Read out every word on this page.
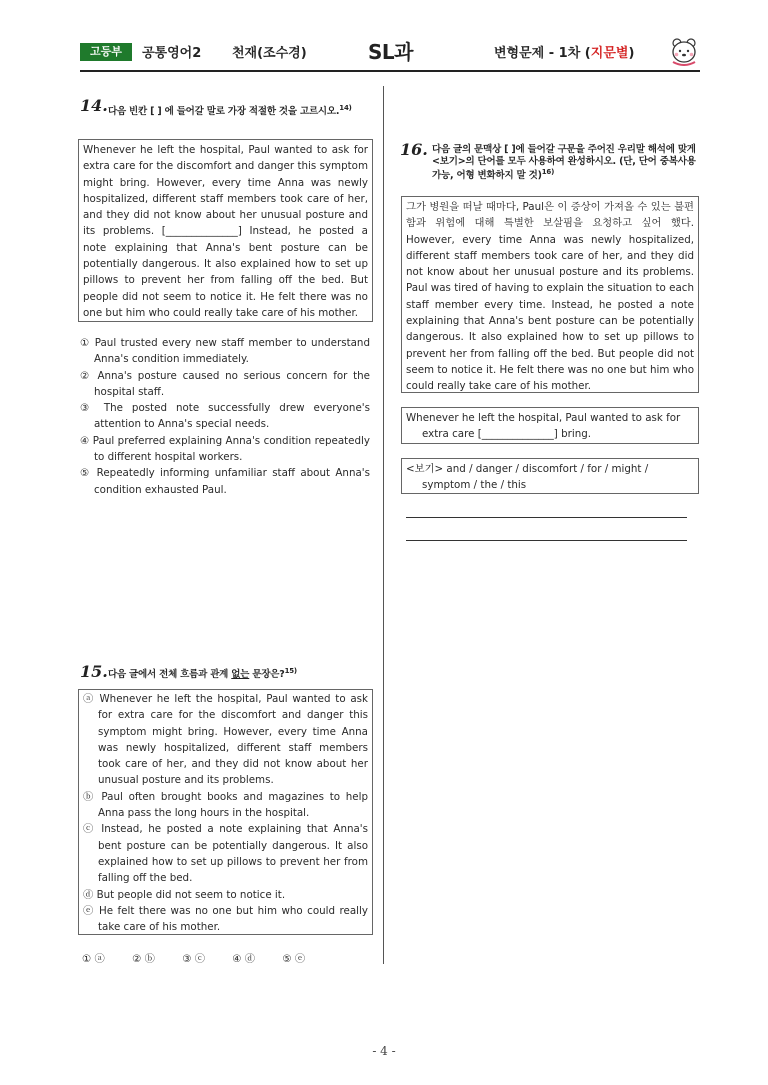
고등부	공통영어2 천재(조수경)	SL과	변형문제 - 1차 (지문별)
14. 다음 빈칸 [ ] 에 들어갈 말로 가장 적절한 것을 고르시오.$^{14)}$
Whenever he left the hospital, Paul wanted to ask for extra care for the discomfort and danger this symptom might bring. However, every time Anna was newly hospitalized, different staff members took care of her, and they did not know about her unusual posture and its problems. [______________] Instead, he posted a note explaining that Anna's bent posture can be potentially dangerous. It also explained how to set up pillows to prevent her from falling off the bed. But people did not seem to notice it. He felt there was no one but him who could really take care of his mother.
① Paul trusted every new staff member to understand Anna's condition immediately.
② Anna's posture caused no serious concern for the hospital staff.
③ The posted note successfully drew everyone's attention to Anna's special needs.
④ Paul preferred explaining Anna's condition repeatedly to different hospital workers.
⑤ Repeatedly informing unfamiliar staff about Anna's condition exhausted Paul.
15. 다음 글에서 전체 흐름과 관계 없는 문장은?$^{15)}$
ⓐ Whenever he left the hospital, Paul wanted to ask for extra care for the discomfort and danger this symptom might bring. However, every time Anna was newly hospitalized, different staff members took care of her, and they did not know about her unusual posture and its problems.
ⓑ Paul often brought books and magazines to help Anna pass the long hours in the hospital.
ⓒ Instead, he posted a note explaining that Anna's bent posture can be potentially dangerous. It also explained how to set up pillows to prevent her from falling off the bed.
ⓓ But people did not seem to notice it.
ⓔ He felt there was no one but him who could really take care of his mother.
① ⓐ	② ⓑ	③ ⓒ	④ ⓓ	⑤ ⓔ
16. 다음 글의 문맥상 [ ]에 들어갈 구문을 주어진 우리말 해석에 맞게 <보기>의 단어를 모두 사용하여 완성하시오. (단, 단어 중복사용 가능, 어형 변화하지 말 것)$^{16)}$
그가 병원을 떠날 때마다, Paul은 이 증상이 가져올 수 있는 불편함과 위험에 대해 특별한 보살핌을 요청하고 싶어 했다. However, every time Anna was newly hospitalized, different staff members took care of her, and they did not know about her unusual posture and its problems. Paul was tired of having to explain the situation to each staff member every time. Instead, he posted a note explaining that Anna's bent posture can be potentially dangerous. It also explained how to set up pillows to prevent her from falling off the bed. But people did not seem to notice it. He felt there was no one but him who could really take care of his mother.
Whenever he left the hospital, Paul wanted to ask for
extra care [______________] bring.
<보기> and / danger / discomfort / for / might /
symptom / the / this
- 4 -
